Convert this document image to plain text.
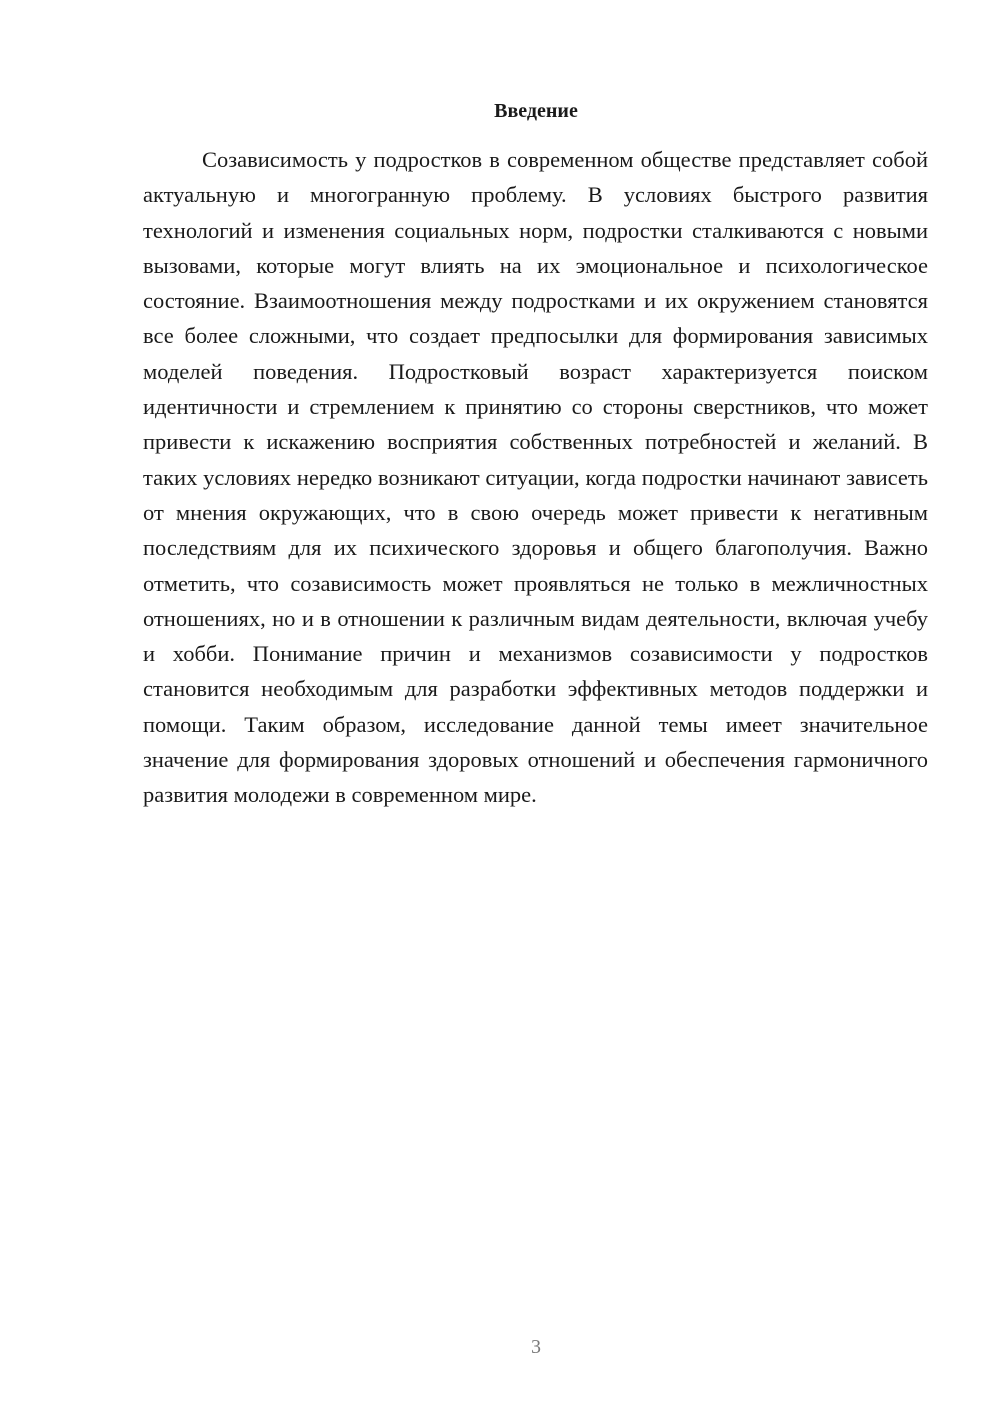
Введение

Созависимость у подростков в современном обществе представляет собой актуальную и многогранную проблему. В условиях быстрого развития технологий и изменения социальных норм, подростки сталкиваются с новыми вызовами, которые могут влиять на их эмоциональное и психологическое состояние. Взаимоотношения между подростками и их окружением становятся все более сложными, что создает предпосылки для формирования зависимых моделей поведения. Подростковый возраст характеризуется поиском идентичности и стремлением к принятию со стороны сверстников, что может привести к искажению восприятия собственных потребностей и желаний. В таких условиях нередко возникают ситуации, когда подростки начинают зависеть от мнения окружающих, что в свою очередь может привести к негативным последствиям для их психического здоровья и общего благополучия. Важно отметить, что созависимость может проявляться не только в межличностных отношениях, но и в отношении к различным видам деятельности, включая учебу и хобби. Понимание причин и механизмов созависимости у подростков становится необходимым для разработки эффективных методов поддержки и помощи. Таким образом, исследование данной темы имеет значительное значение для формирования здоровых отношений и обеспечения гармоничного развития молодежи в современном мире.

3
